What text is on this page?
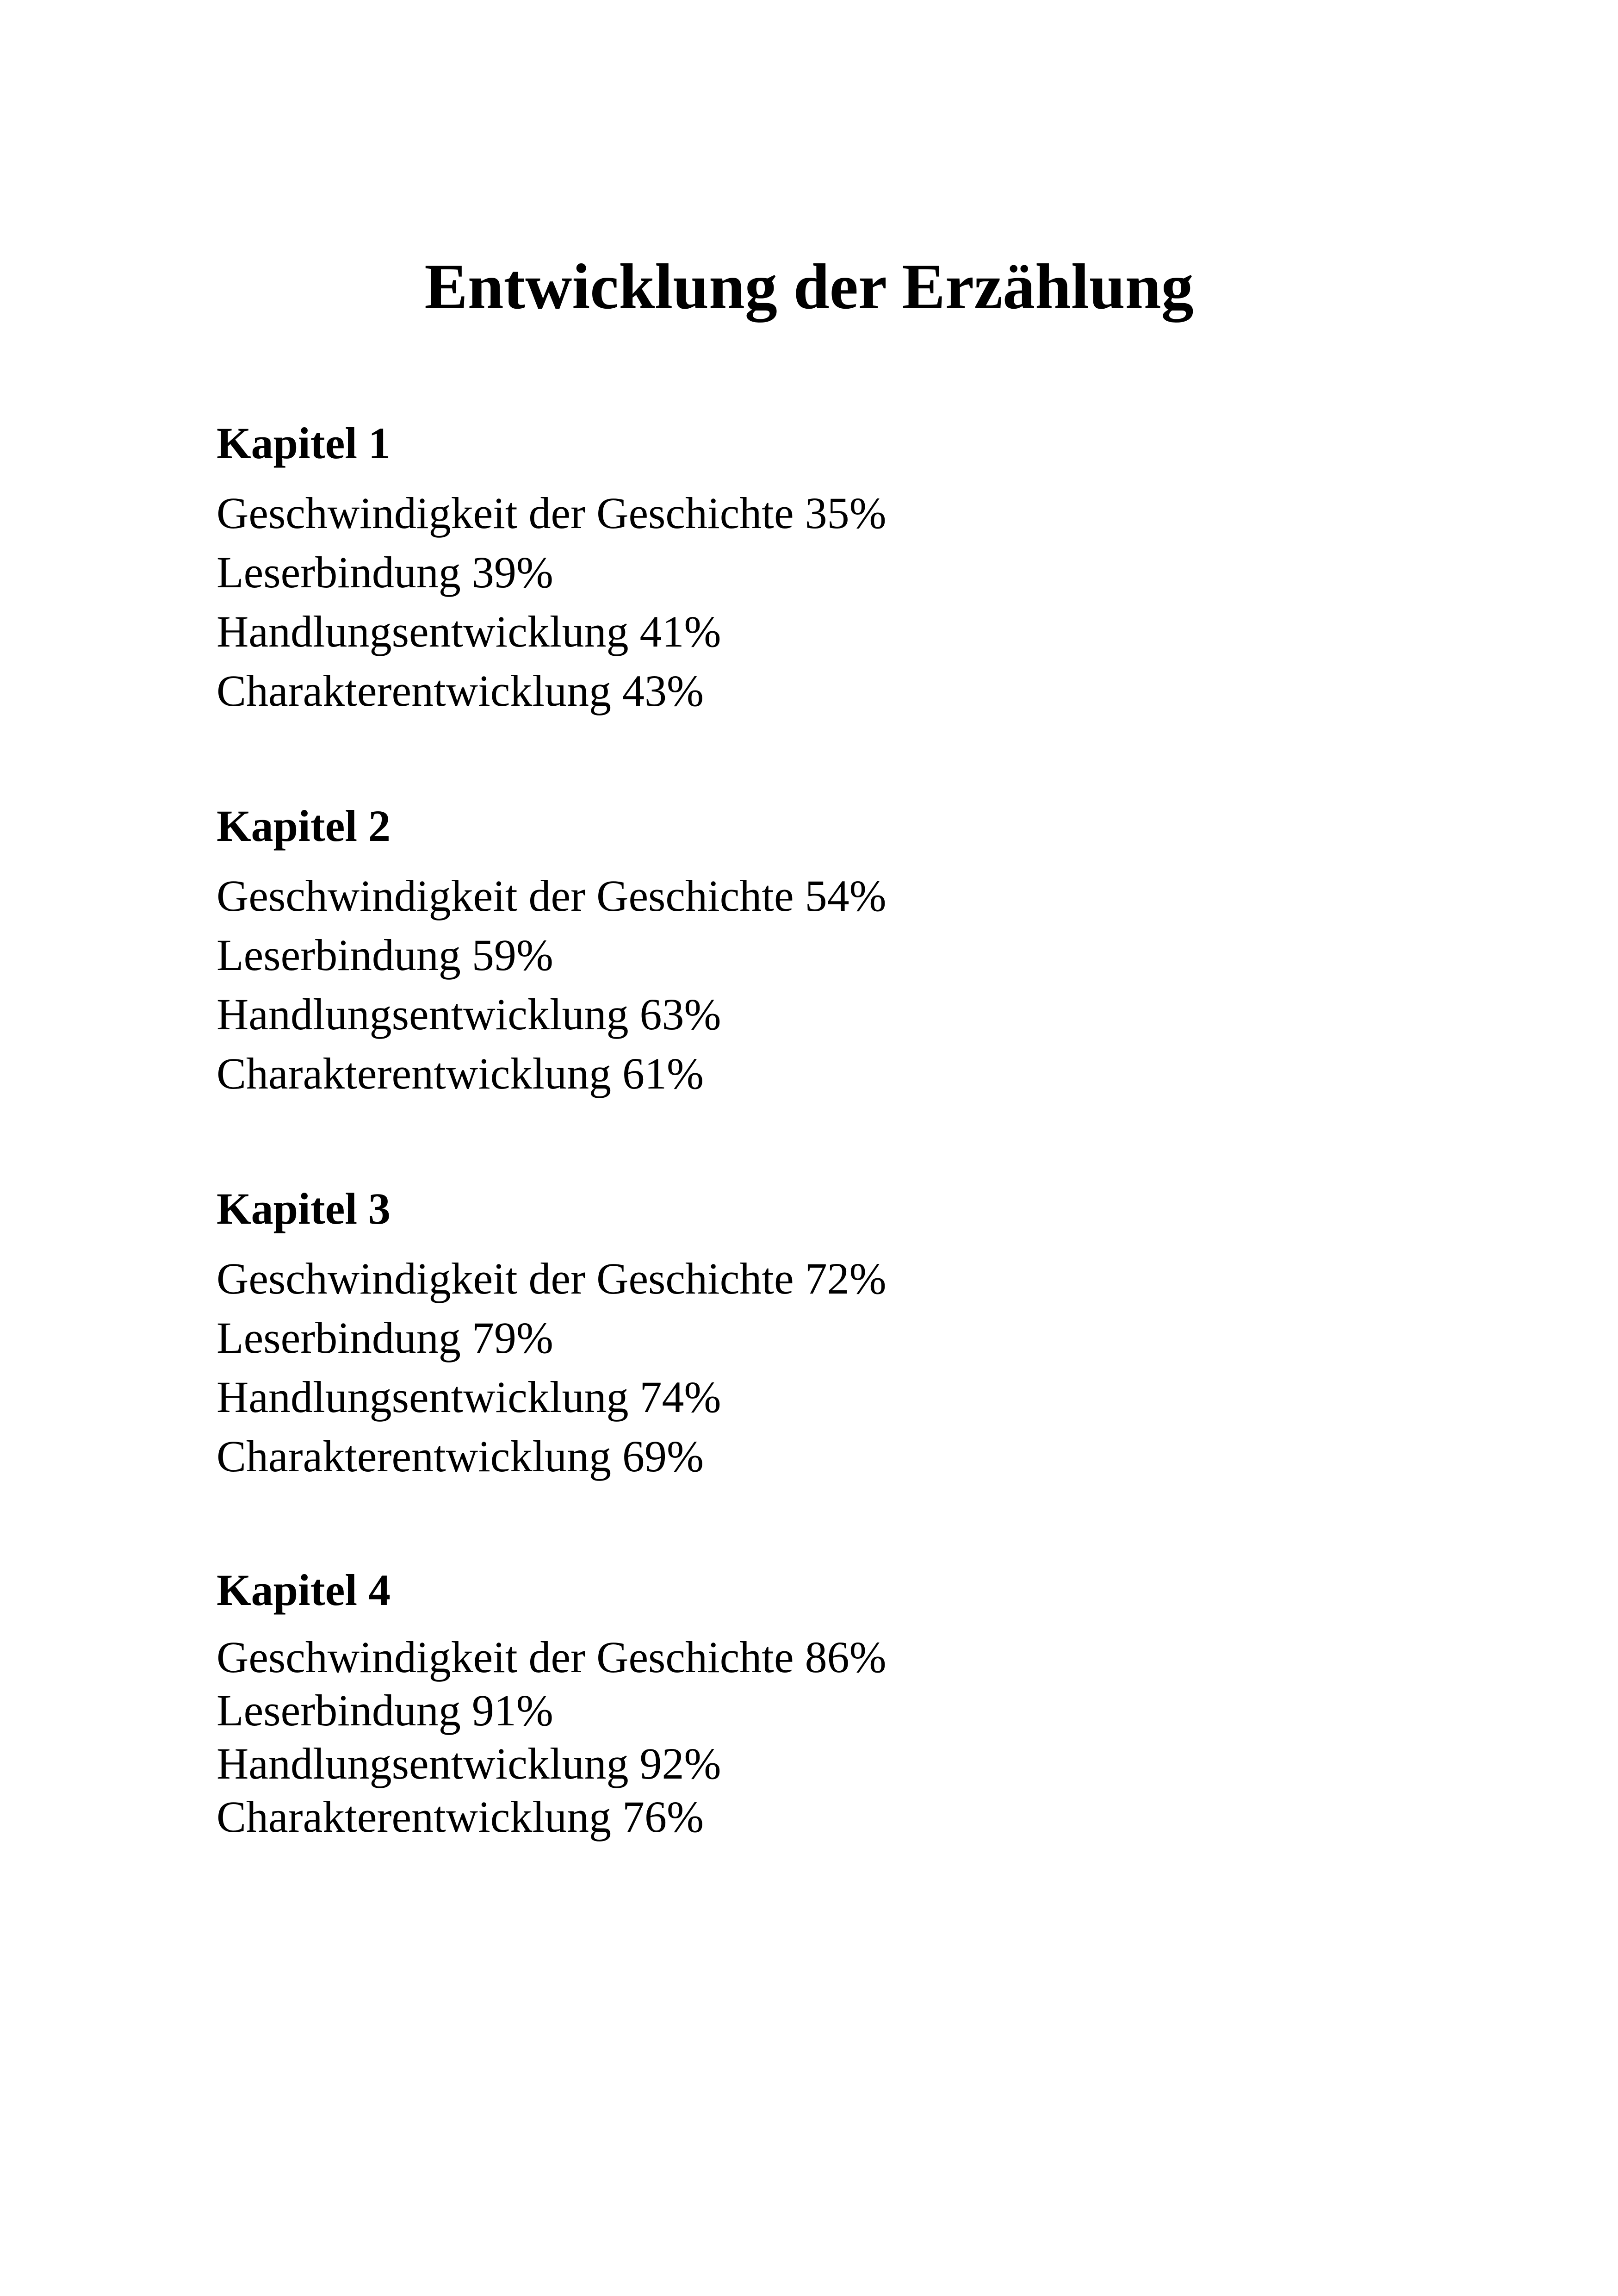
Entwicklung der Erzählung
Kapitel 1
Geschwindigkeit der Geschichte 35%
Leserbindung 39%
Handlungsentwicklung 41%
Charakterentwicklung 43%
Kapitel 2
Geschwindigkeit der Geschichte 54%
Leserbindung 59%
Handlungsentwicklung 63%
Charakterentwicklung 61%
Kapitel 3
Geschwindigkeit der Geschichte 72%
Leserbindung 79%
Handlungsentwicklung 74%
Charakterentwicklung 69%
Kapitel 4
Geschwindigkeit der Geschichte 86%
Leserbindung 91%
Handlungsentwicklung 92%
Charakterentwicklung 76%
